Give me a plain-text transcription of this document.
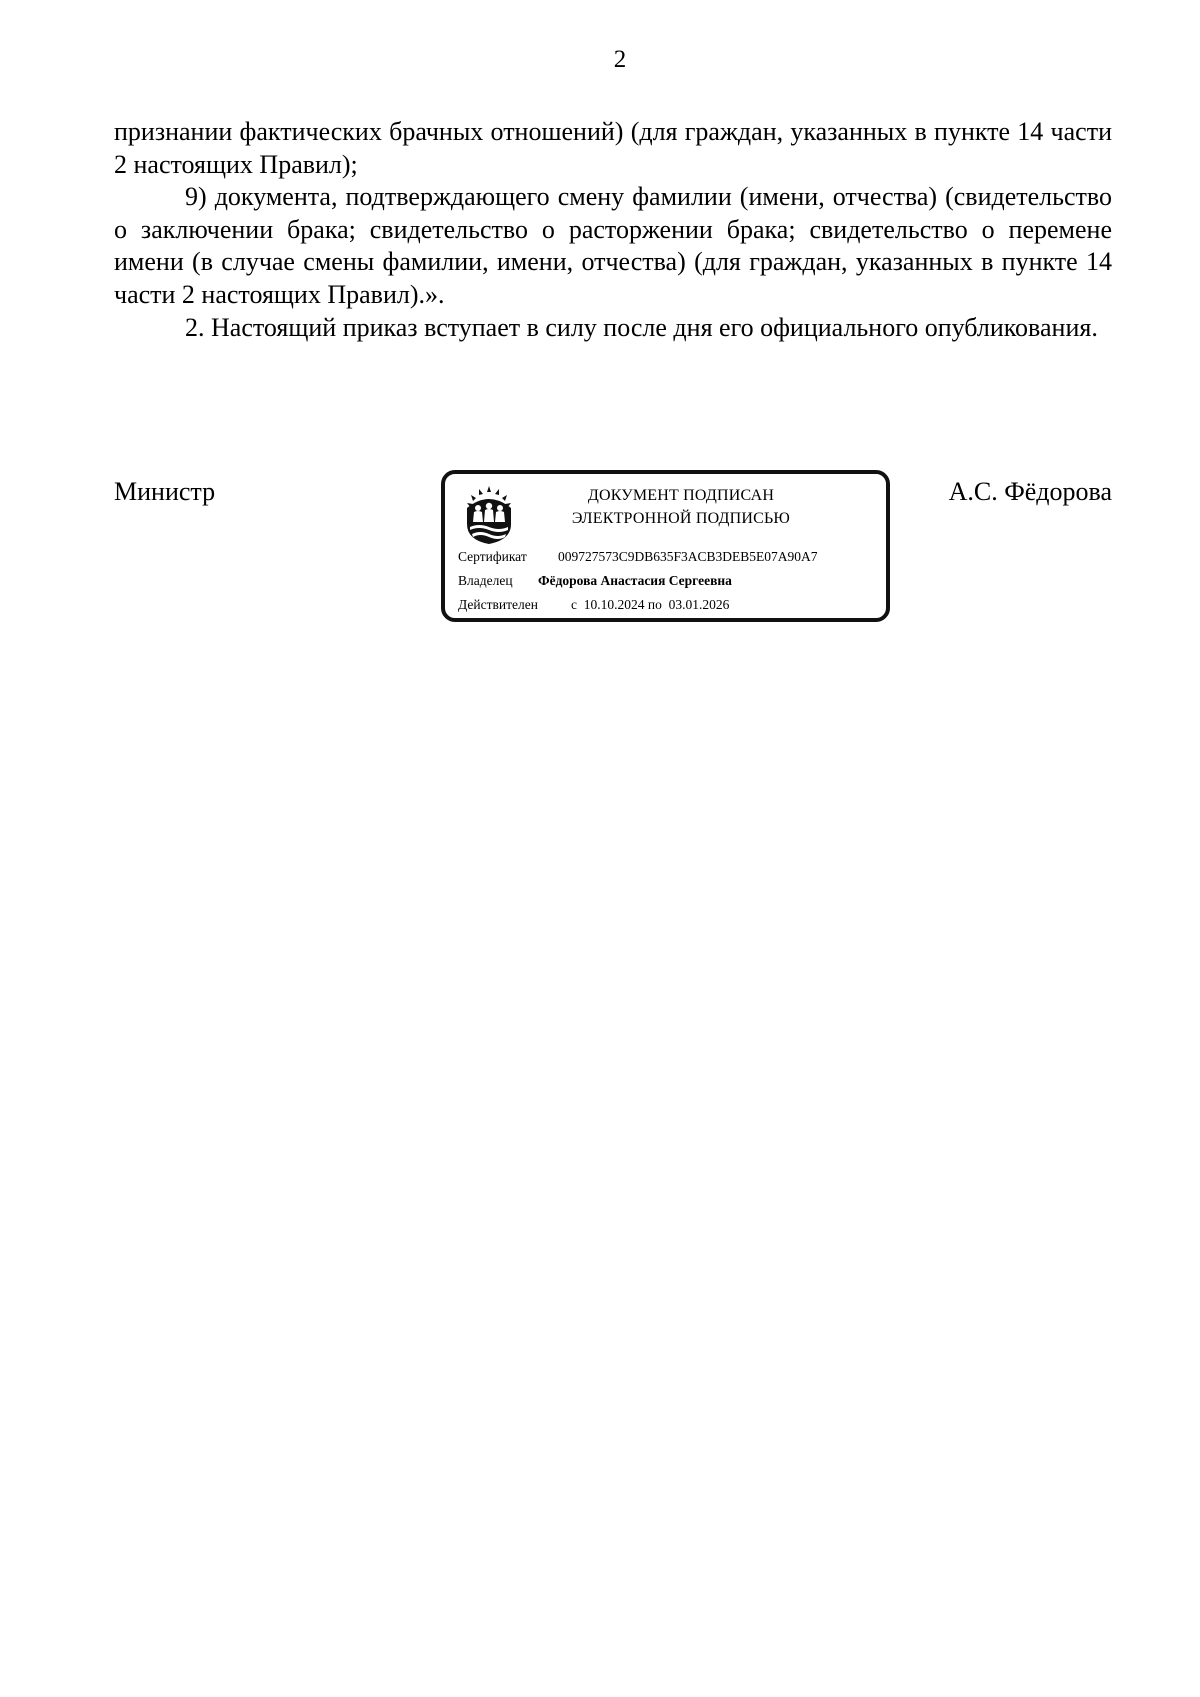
2

признании фактических брачных отношений) (для граждан, указанных в пункте 14 части 2 настоящих Правил);

9) документа, подтверждающего смену фамилии (имени, отчества) (свидетельство о заключении брака; свидетельство о расторжении брака; свидетельство о перемене имени (в случае смены фамилии, имени, отчества) (для граждан, указанных в пункте 14 части 2 настоящих Правил).».

2. Настоящий приказ вступает в силу после дня его официального опубликования.

Министр	ДОКУМЕНТ ПОДПИСАН
ЭЛЕКТРОННОЙ ПОДПИСЬЮ
Сертификат 009727573C9DB635F3ACB3DEB5E07A90A7
Владелец Фёдорова Анастасия Сергеевна
Действителен с  10.10.2024 по  03.01.2026
А.С. Фёдорова
